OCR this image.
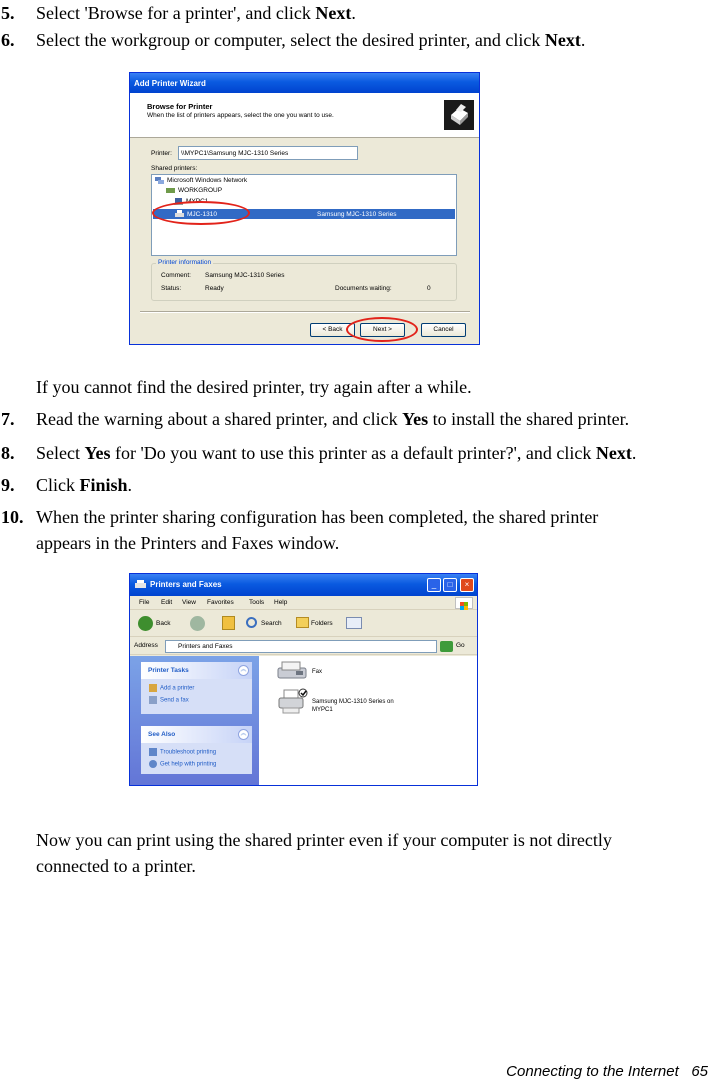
5. Select 'Browse for a printer', and click Next.
6. Select the workgroup or computer, select the desired printer, and click Next.
Add Printer Wizard
Browse for Printer
When the list of printers appears, select the one you want to use.
Printer:	\\MYPC1\Samsung MJC-1310 Series
Shared printers:
Microsoft Windows Network
WORKGROUP
MYPC1
MJC-1310	Samsung MJC-1310 Series
Printer information
Comment: Samsung MJC-1310 Series
Status:	Ready	Documents waiting:	0
< Back	Next >	Cancel
If you cannot find the desired printer, try again after a while.
7. Read the warning about a shared printer, and click Yes to install the shared printer.
8. Select Yes for 'Do you want to use this printer as a default printer?', and click Next.
9. Click Finish.
10. When the printer sharing configuration has been completed, the shared printer
appears in the Printers and Faxes window.
Printers and Faxes	_	□	×
File Edit View Favorites Tools Help
Back	Search	Folders
Address	Printers and Faxes	Go
Printer Tasks	︽
Add a printer
Send a fax
See Also	︽
Troubleshoot printing
Get help with printing
Fax
Samsung MJC-1310 Series on
MYPC1
Now you can print using the shared printer even if your computer is not directly
connected to a printer.
Connecting to the Internet 65
